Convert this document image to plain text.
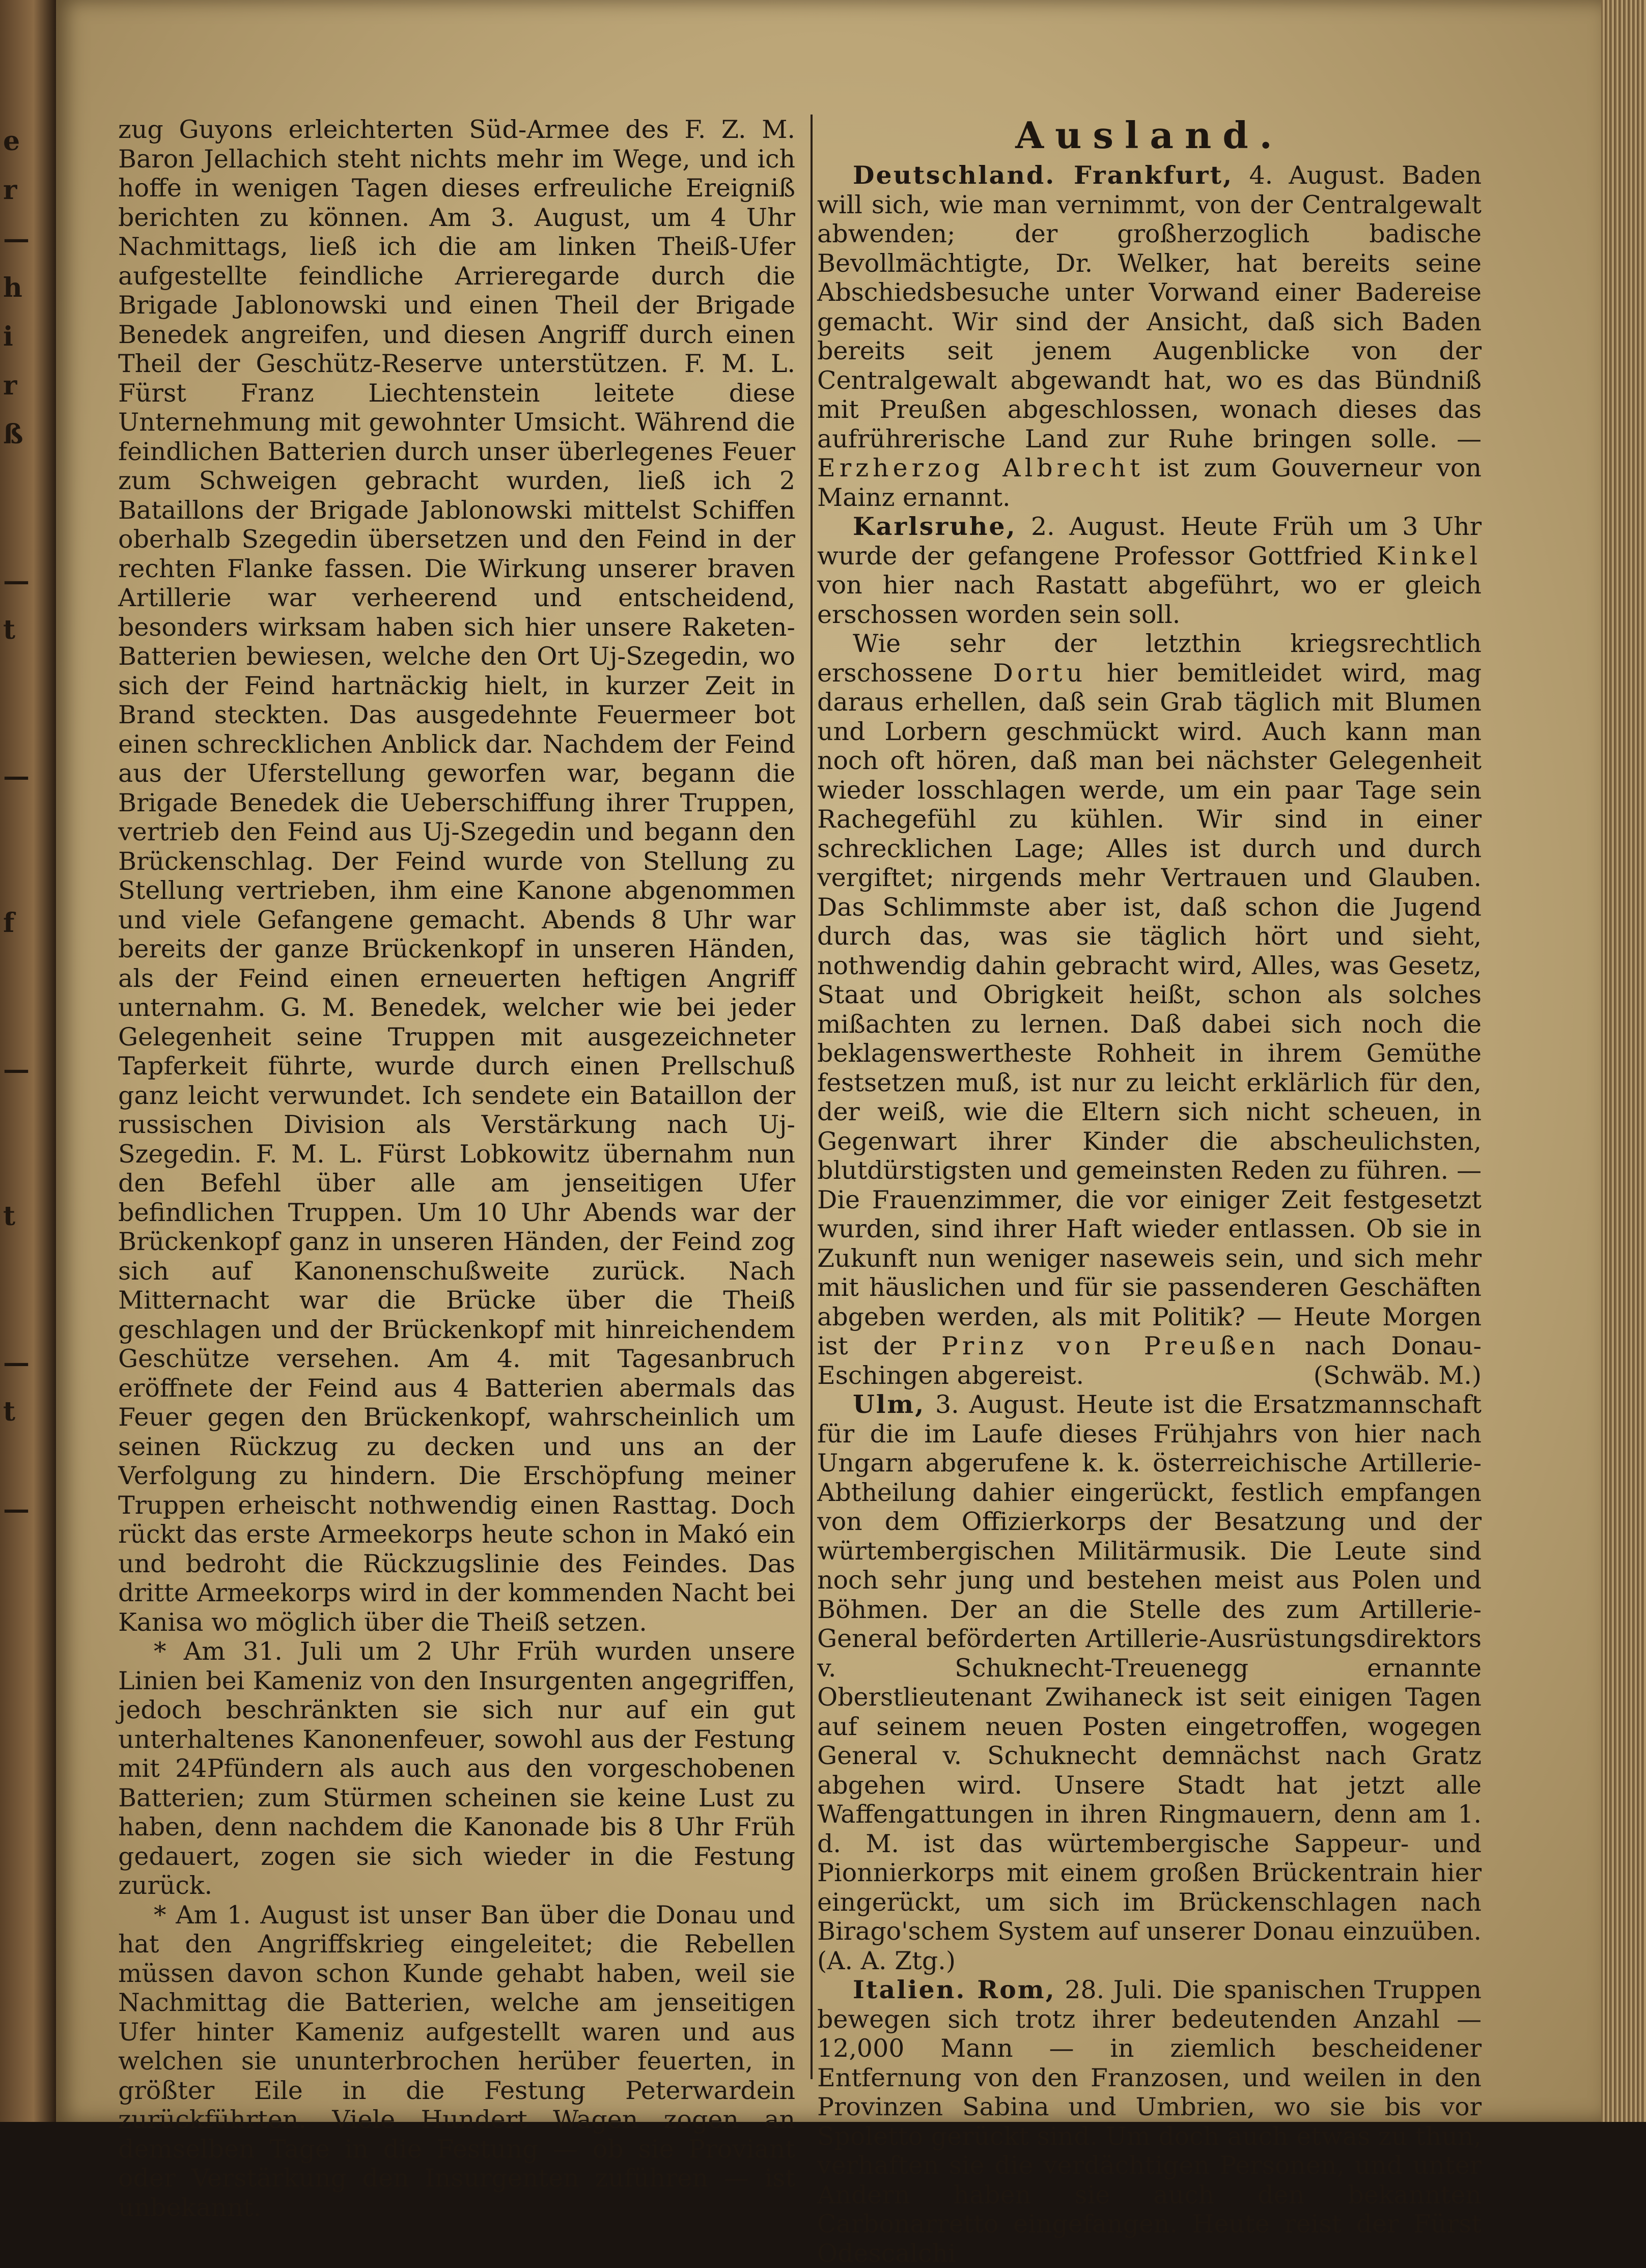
e
r
—
h
i
r
ß
—
t
—
f
—
t
—
t
—

zug Guyons erleichterten Süd-Armee des F. Z. M. Baron Jellachich steht nichts mehr im Wege, und ich hoffe in wenigen Tagen dieses erfreuliche Ereigniß berichten zu können. Am 3. August, um 4 Uhr Nachmittags, ließ ich die am linken Theiß-Ufer aufgestellte feindliche Arrieregarde durch die Brigade Jablonowski und einen Theil der Brigade Benedek angreifen, und diesen Angriff durch einen Theil der Geschütz-Reserve unterstützen. F. M. L. Fürst Franz Liechtenstein leitete diese Unternehmung mit gewohnter Umsicht. Während die feindlichen Batterien durch unser überlegenes Feuer zum Schweigen gebracht wurden, ließ ich 2 Bataillons der Brigade Jablonowski mittelst Schiffen oberhalb Szegedin übersetzen und den Feind in der rechten Flanke fassen. Die Wirkung unserer braven Artillerie war verheerend und entscheidend, besonders wirksam haben sich hier unsere Raketen-Batterien bewiesen, welche den Ort Uj-Szegedin, wo sich der Feind hartnäckig hielt, in kurzer Zeit in Brand steckten. Das ausgedehnte Feuermeer bot einen schrecklichen Anblick dar. Nachdem der Feind aus der Uferstellung geworfen war, begann die Brigade Benedek die Ueberschiffung ihrer Truppen, vertrieb den Feind aus Uj-Szegedin und begann den Brückenschlag. Der Feind wurde von Stellung zu Stellung vertrieben, ihm eine Kanone abgenommen und viele Gefangene gemacht. Abends 8 Uhr war bereits der ganze Brückenkopf in unseren Händen, als der Feind einen erneuerten heftigen Angriff unternahm. G. M. Benedek, welcher wie bei jeder Gelegenheit seine Truppen mit ausgezeichneter Tapferkeit führte, wurde durch einen Prellschuß ganz leicht verwundet. Ich sendete ein Bataillon der russischen Division als Verstärkung nach Uj-Szegedin. F. M. L. Fürst Lobkowitz übernahm nun den Befehl über alle am jenseitigen Ufer befindlichen Truppen. Um 10 Uhr Abends war der Brückenkopf ganz in unseren Händen, der Feind zog sich auf Kanonenschußweite zurück. Nach Mitternacht war die Brücke über die Theiß geschlagen und der Brückenkopf mit hinreichendem Geschütze versehen. Am 4. mit Tagesanbruch eröffnete der Feind aus 4 Batterien abermals das Feuer gegen den Brückenkopf, wahrscheinlich um seinen Rückzug zu decken und uns an der Verfolgung zu hindern. Die Erschöpfung meiner Truppen erheischt nothwendig einen Rasttag. Doch rückt das erste Armeekorps heute schon in Makó ein und bedroht die Rückzugslinie des Feindes. Das dritte Armeekorps wird in der kommenden Nacht bei Kanisa wo möglich über die Theiß setzen.

* Am 31. Juli um 2 Uhr Früh wurden unsere Linien bei Kameniz von den Insurgenten angegriffen, jedoch beschränkten sie sich nur auf ein gut unterhaltenes Kanonenfeuer, sowohl aus der Festung mit 24Pfündern als auch aus den vorgeschobenen Batterien; zum Stürmen scheinen sie keine Lust zu haben, denn nachdem die Kanonade bis 8 Uhr Früh gedauert, zogen sie sich wieder in die Festung zurück.

* Am 1. August ist unser Ban über die Donau und hat den Angriffskrieg eingeleitet; die Rebellen müssen davon schon Kunde gehabt haben, weil sie Nachmittag die Batterien, welche am jenseitigen Ufer hinter Kameniz aufgestellt waren und aus welchen sie ununterbrochen herüber feuerten, in größter Eile in die Festung Peterwardein zurückführten. Viele Hundert Wagen zogen an demselben Tage in die Festung — ob sie Proviant oder Verstärkung den Insurgenten zuführen — ist unbekannt.

Ausland.

Deutschland. Frankfurt, 4. August. Baden will sich, wie man vernimmt, von der Centralgewalt abwenden; der großherzoglich badische Bevollmächtigte, Dr. Welker, hat bereits seine Abschiedsbesuche unter Vorwand einer Badereise gemacht. Wir sind der Ansicht, daß sich Baden bereits seit jenem Augenblicke von der Centralgewalt abgewandt hat, wo es das Bündniß mit Preußen abgeschlossen, wonach dieses das aufrührerische Land zur Ruhe bringen solle. — Erzherzog Albrecht ist zum Gouverneur von Mainz ernannt.

Karlsruhe, 2. August. Heute Früh um 3 Uhr wurde der gefangene Professor Gottfried Kinkel von hier nach Rastatt abgeführt, wo er gleich erschossen worden sein soll.

Wie sehr der letzthin kriegsrechtlich erschossene Dortu hier bemitleidet wird, mag daraus erhellen, daß sein Grab täglich mit Blumen und Lorbern geschmückt wird. Auch kann man noch oft hören, daß man bei nächster Gelegenheit wieder losschlagen werde, um ein paar Tage sein Rachegefühl zu kühlen. Wir sind in einer schrecklichen Lage; Alles ist durch und durch vergiftet; nirgends mehr Vertrauen und Glauben. Das Schlimmste aber ist, daß schon die Jugend durch das, was sie täglich hört und sieht, nothwendig dahin gebracht wird, Alles, was Gesetz, Staat und Obrigkeit heißt, schon als solches mißachten zu lernen. Daß dabei sich noch die beklagenswertheste Rohheit in ihrem Gemüthe festsetzen muß, ist nur zu leicht erklärlich für den, der weiß, wie die Eltern sich nicht scheuen, in Gegenwart ihrer Kinder die abscheulichsten, blutdürstigsten und gemeinsten Reden zu führen. — Die Frauenzimmer, die vor einiger Zeit festgesetzt wurden, sind ihrer Haft wieder entlassen. Ob sie in Zukunft nun weniger naseweis sein, und sich mehr mit häuslichen und für sie passenderen Geschäften abgeben werden, als mit Politik? — Heute Morgen ist der Prinz von Preußen nach Donau-Eschingen abgereist.	(Schwäb. M.)

Ulm, 3. August. Heute ist die Ersatzmannschaft für die im Laufe dieses Frühjahrs von hier nach Ungarn abgerufene k. k. österreichische Artillerie-Abtheilung dahier eingerückt, festlich empfangen von dem Offizierkorps der Besatzung und der würtembergischen Militärmusik. Die Leute sind noch sehr jung und bestehen meist aus Polen und Böhmen. Der an die Stelle des zum Artillerie-General beförderten Artillerie-Ausrüstungsdirektors v. Schuknecht-Treuenegg ernannte Oberstlieutenant Zwihaneck ist seit einigen Tagen auf seinem neuen Posten eingetroffen, wogegen General v. Schuknecht demnächst nach Gratz abgehen wird. Unsere Stadt hat jetzt alle Waffengattungen in ihren Ringmauern, denn am 1. d. M. ist das würtembergische Sappeur- und Pionnierkorps mit einem großen Brückentrain hier eingerückt, um sich im Brückenschlagen nach Birago'schem System auf unserer Donau einzuüben. (A. A. Ztg.)

Italien. Rom, 28. Juli. Die spanischen Truppen bewegen sich trotz ihrer bedeutenden Anzahl — 12,000 Mann — in ziemlich bescheidener Entfernung von den Franzosen, und weilen in den Provinzen Sabina und Umbrien, wo sie bis vor Spoletto gerückt sind. Um doch auch etwas zu thun, verhaften sie die verdächtigen Personen, und unter Andern haben sie auch den bekannten Carbonarretto eingefangen. Heute reist der Fürst Odescalchi
